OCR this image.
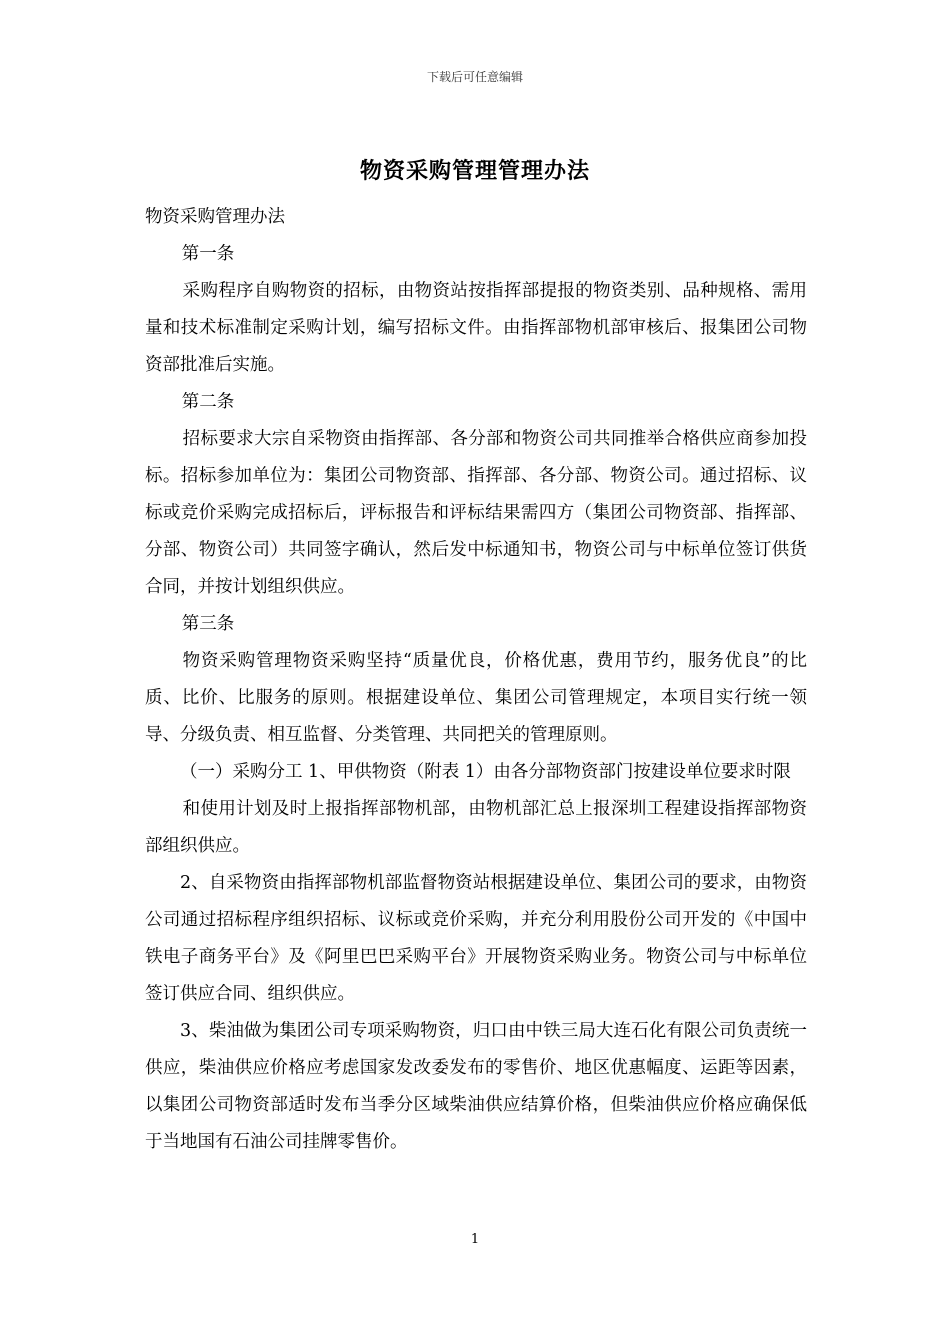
下载后可任意编辑
物资采购管理管理办法

物资采购管理办法

第一条

采购程序自购物资的招标，由物资站按指挥部提报的物资类别、品种规格、需用量和技术标准制定采购计划，编写招标文件。由指挥部物机部审核后、报集团公司物资部批准后实施。

第二条

招标要求大宗自采物资由指挥部、各分部和物资公司共同推举合格供应商参加投标。招标参加单位为：集团公司物资部、指挥部、各分部、物资公司。通过招标、议标或竞价采购完成招标后，评标报告和评标结果需四方（集团公司物资部、指挥部、分部、物资公司）共同签字确认，然后发中标通知书，物资公司与中标单位签订供货合同，并按计划组织供应。

第三条

物资采购管理物资采购坚持“质量优良，价格优惠，费用节约，服务优良”的比质、比价、比服务的原则。根据建设单位、集团公司管理规定，本项目实行统一领导、分级负责、相互监督、分类管理、共同把关的管理原则。

（一）采购分工 1、甲供物资（附表 1）由各分部物资部门按建设单位要求时限

和使用计划及时上报指挥部物机部，由物机部汇总上报深圳工程建设指挥部物资部组织供应。

2、自采物资由指挥部物机部监督物资站根据建设单位、集团公司的要求，由物资公司通过招标程序组织招标、议标或竞价采购，并充分利用股份公司开发的《中国中铁电子商务平台》及《阿里巴巴采购平台》开展物资采购业务。物资公司与中标单位签订供应合同、组织供应。

3、柴油做为集团公司专项采购物资，归口由中铁三局大连石化有限公司负责统一供应，柴油供应价格应考虑国家发改委发布的零售价、地区优惠幅度、运距等因素，以集团公司物资部适时发布当季分区域柴油供应结算价格，但柴油供应价格应确保低于当地国有石油公司挂牌零售价。

1
